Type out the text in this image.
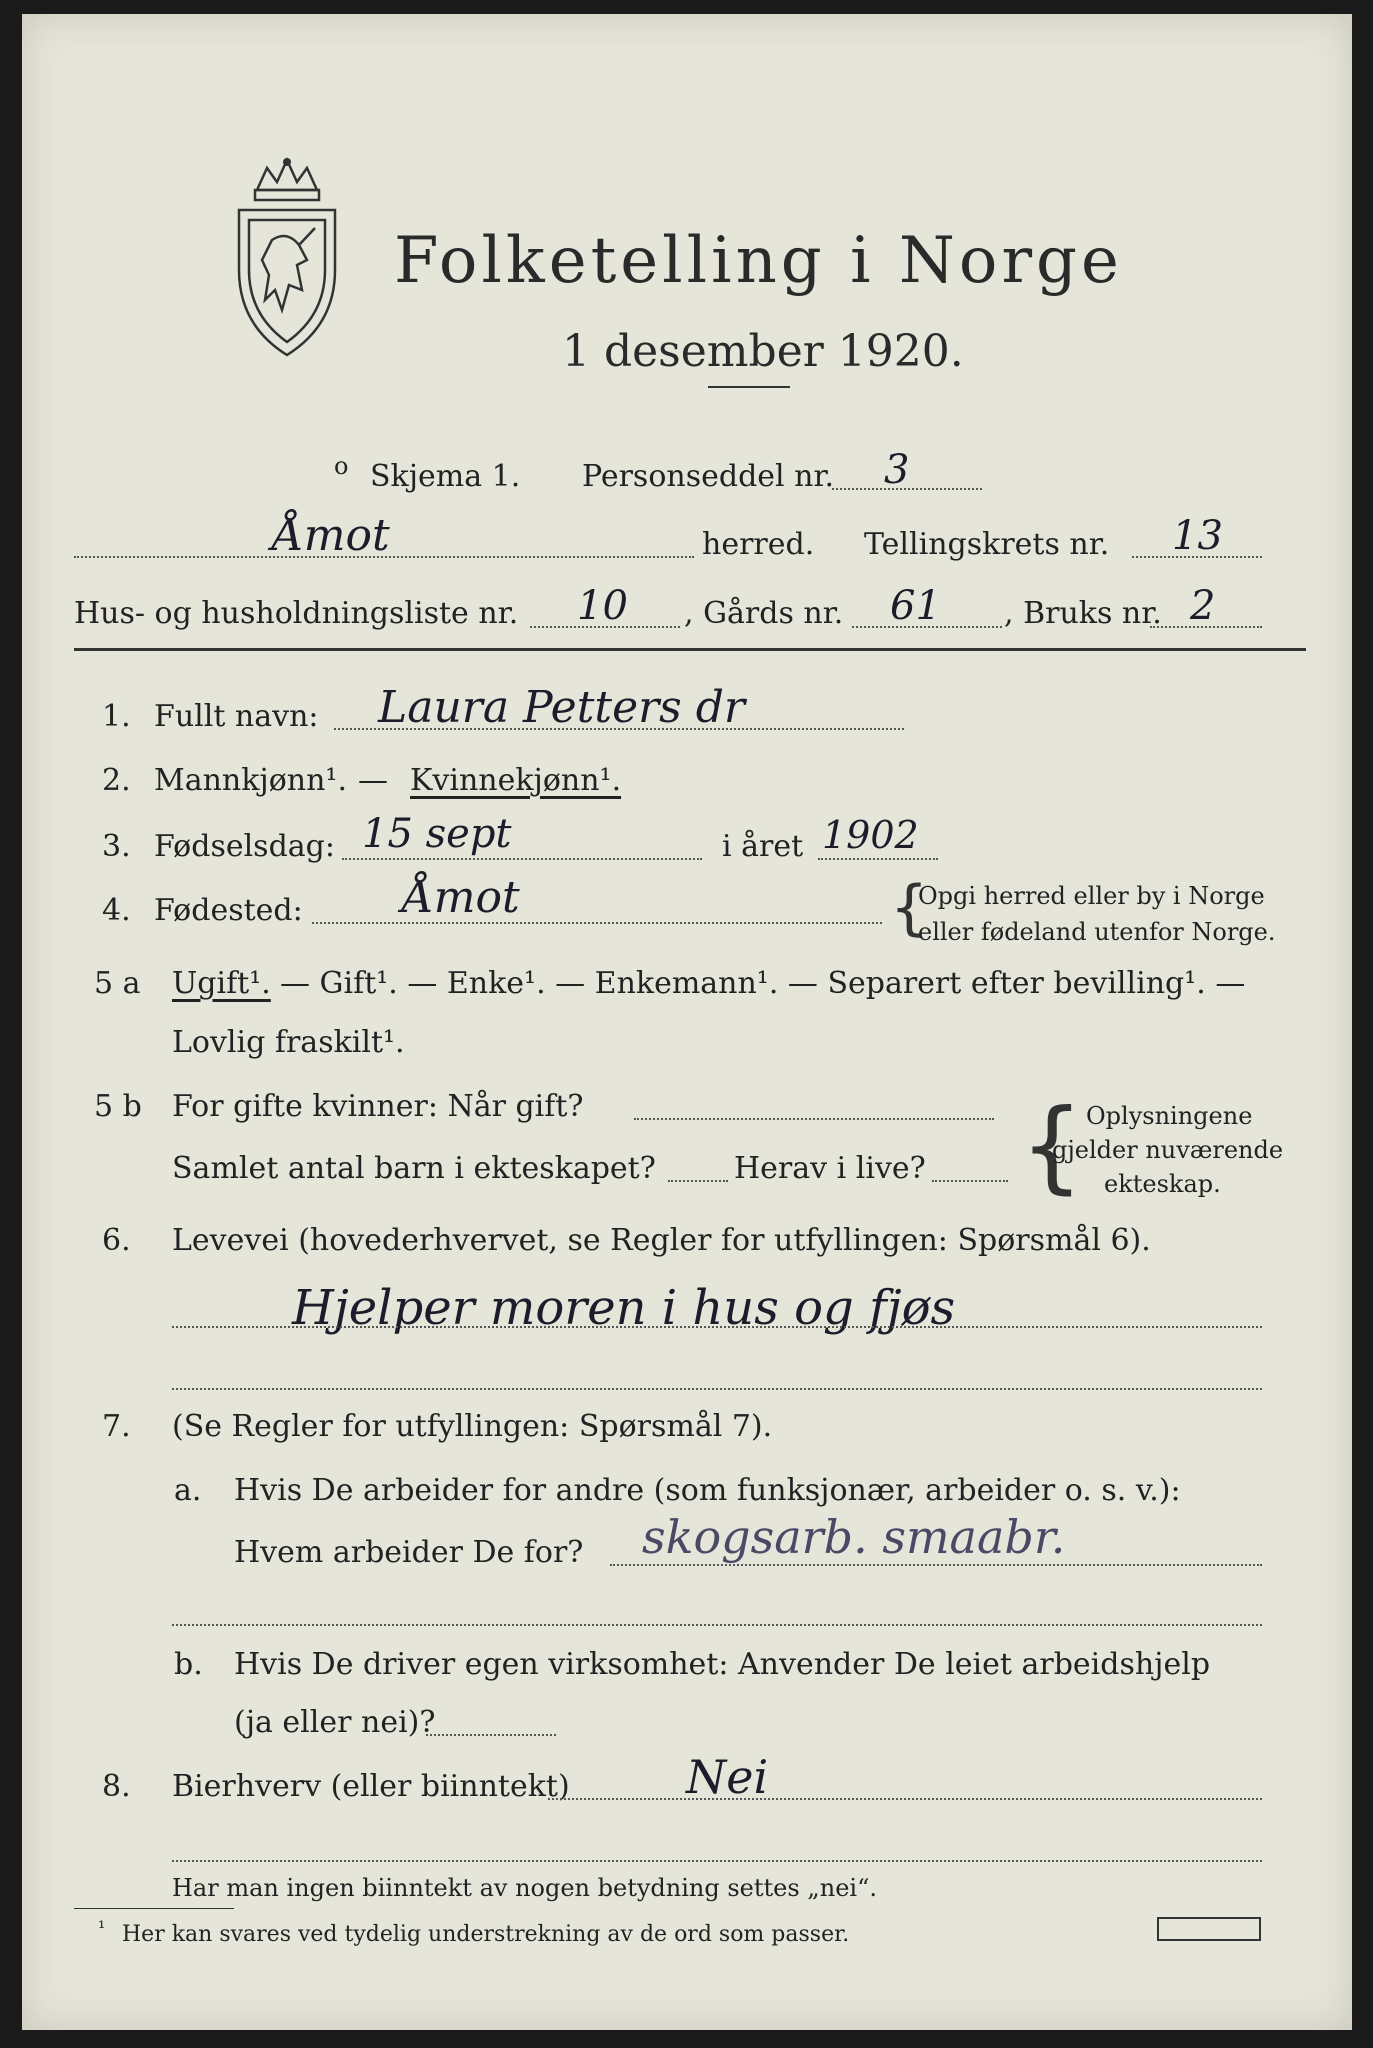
Folketelling i Norge
1 desember 1920.
o Skjema 1. Personseddel nr. 3
Åmot	herred. Tellingskrets nr. 13
Hus- og husholdningsliste nr. 10 , Gårds nr. 61 , Bruks nr. 2
1. Fullt navn: Laura Petters dr
2. Mannkjønn¹. — Kvinnekjønn¹.
3. Fødselsdag: 15 sept	i året 1902
4. Fødested: Åmot	{
Opgi herred eller by i Norge
eller fødeland utenfor Norge.
5 a Ugift¹. — Gift¹. — Enke¹. — Enkemann¹. — Separert efter bevilling¹. —
Lovlig fraskilt¹.
5 b For gifte kvinner: Når gift?
Samlet antal barn i ekteskapet?	Herav i live? { Oplysningene
gjelder nuværende
ekteskap.
6. Levevei (hovederhvervet, se Regler for utfyllingen: Spørsmål 6).
Hjelper moren i hus og fjøs
7. (Se Regler for utfyllingen: Spørsmål 7).
a. Hvis De arbeider for andre (som funksjonær, arbeider o. s. v.):
Hvem arbeider De for? skogsarb. smaabr.
b. Hvis De driver egen virksomhet: Anvender De leiet arbeidshjelp
(ja eller nei)?
8. Bierhverv (eller biinntekt)	Nei
Har man ingen biinntekt av nogen betydning settes „nei“.
¹ Her kan svares ved tydelig understrekning av de ord som passer.
